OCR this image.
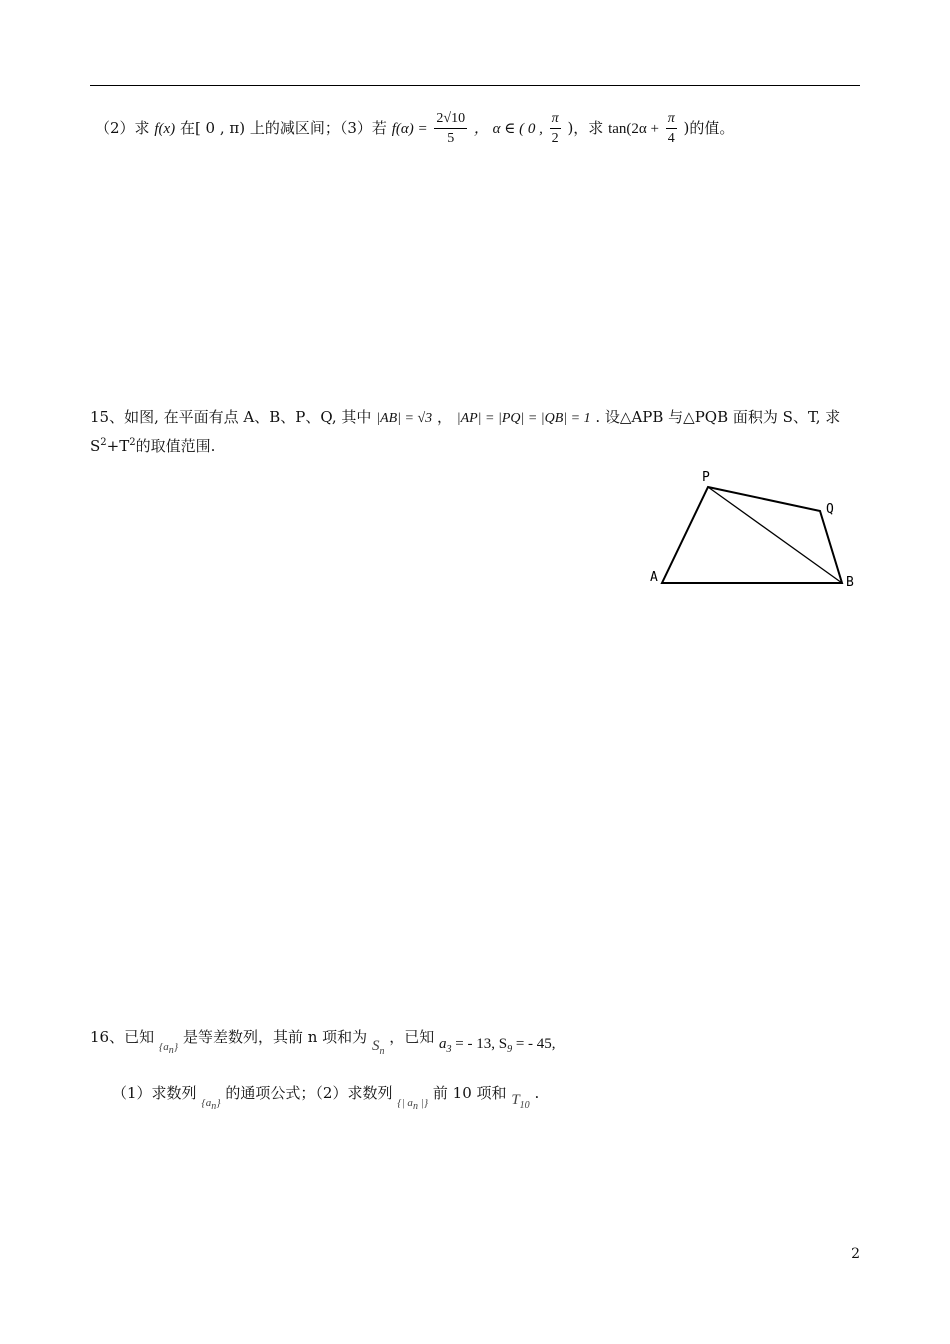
（2）求 f(x) 在[ 0 , π) 上的减区间；（3）若 $f(\alpha) = \frac{2√10}{5}$ ， α ∈ ( 0 , $\frac{\pi}{2}$ )，求 $\tan(2\alpha + \frac{\pi}{4}$ )的值。
15、如图, 在平面有点 A、B、P、Q, 其中 |AB| = √3 ， |AP| = |PQ| = |QB| = 1 . 设△APB 与△PQB 面积为 S、T, 求
$S^2+T^2$的取值范围.
P
Q
A	B
16、已知 $_{\{a_n\}}$ 是等差数列，其前 n 项和为 $S_n$ ，已知 $a_3$ = - 13, $S_9$ = - 45,
（1）求数列 $_{\{a_n\}}$ 的通项公式；（2）求数列 $_{\{| a_n |\}}$ 前 10 项和 $T_{10}$ .
2
